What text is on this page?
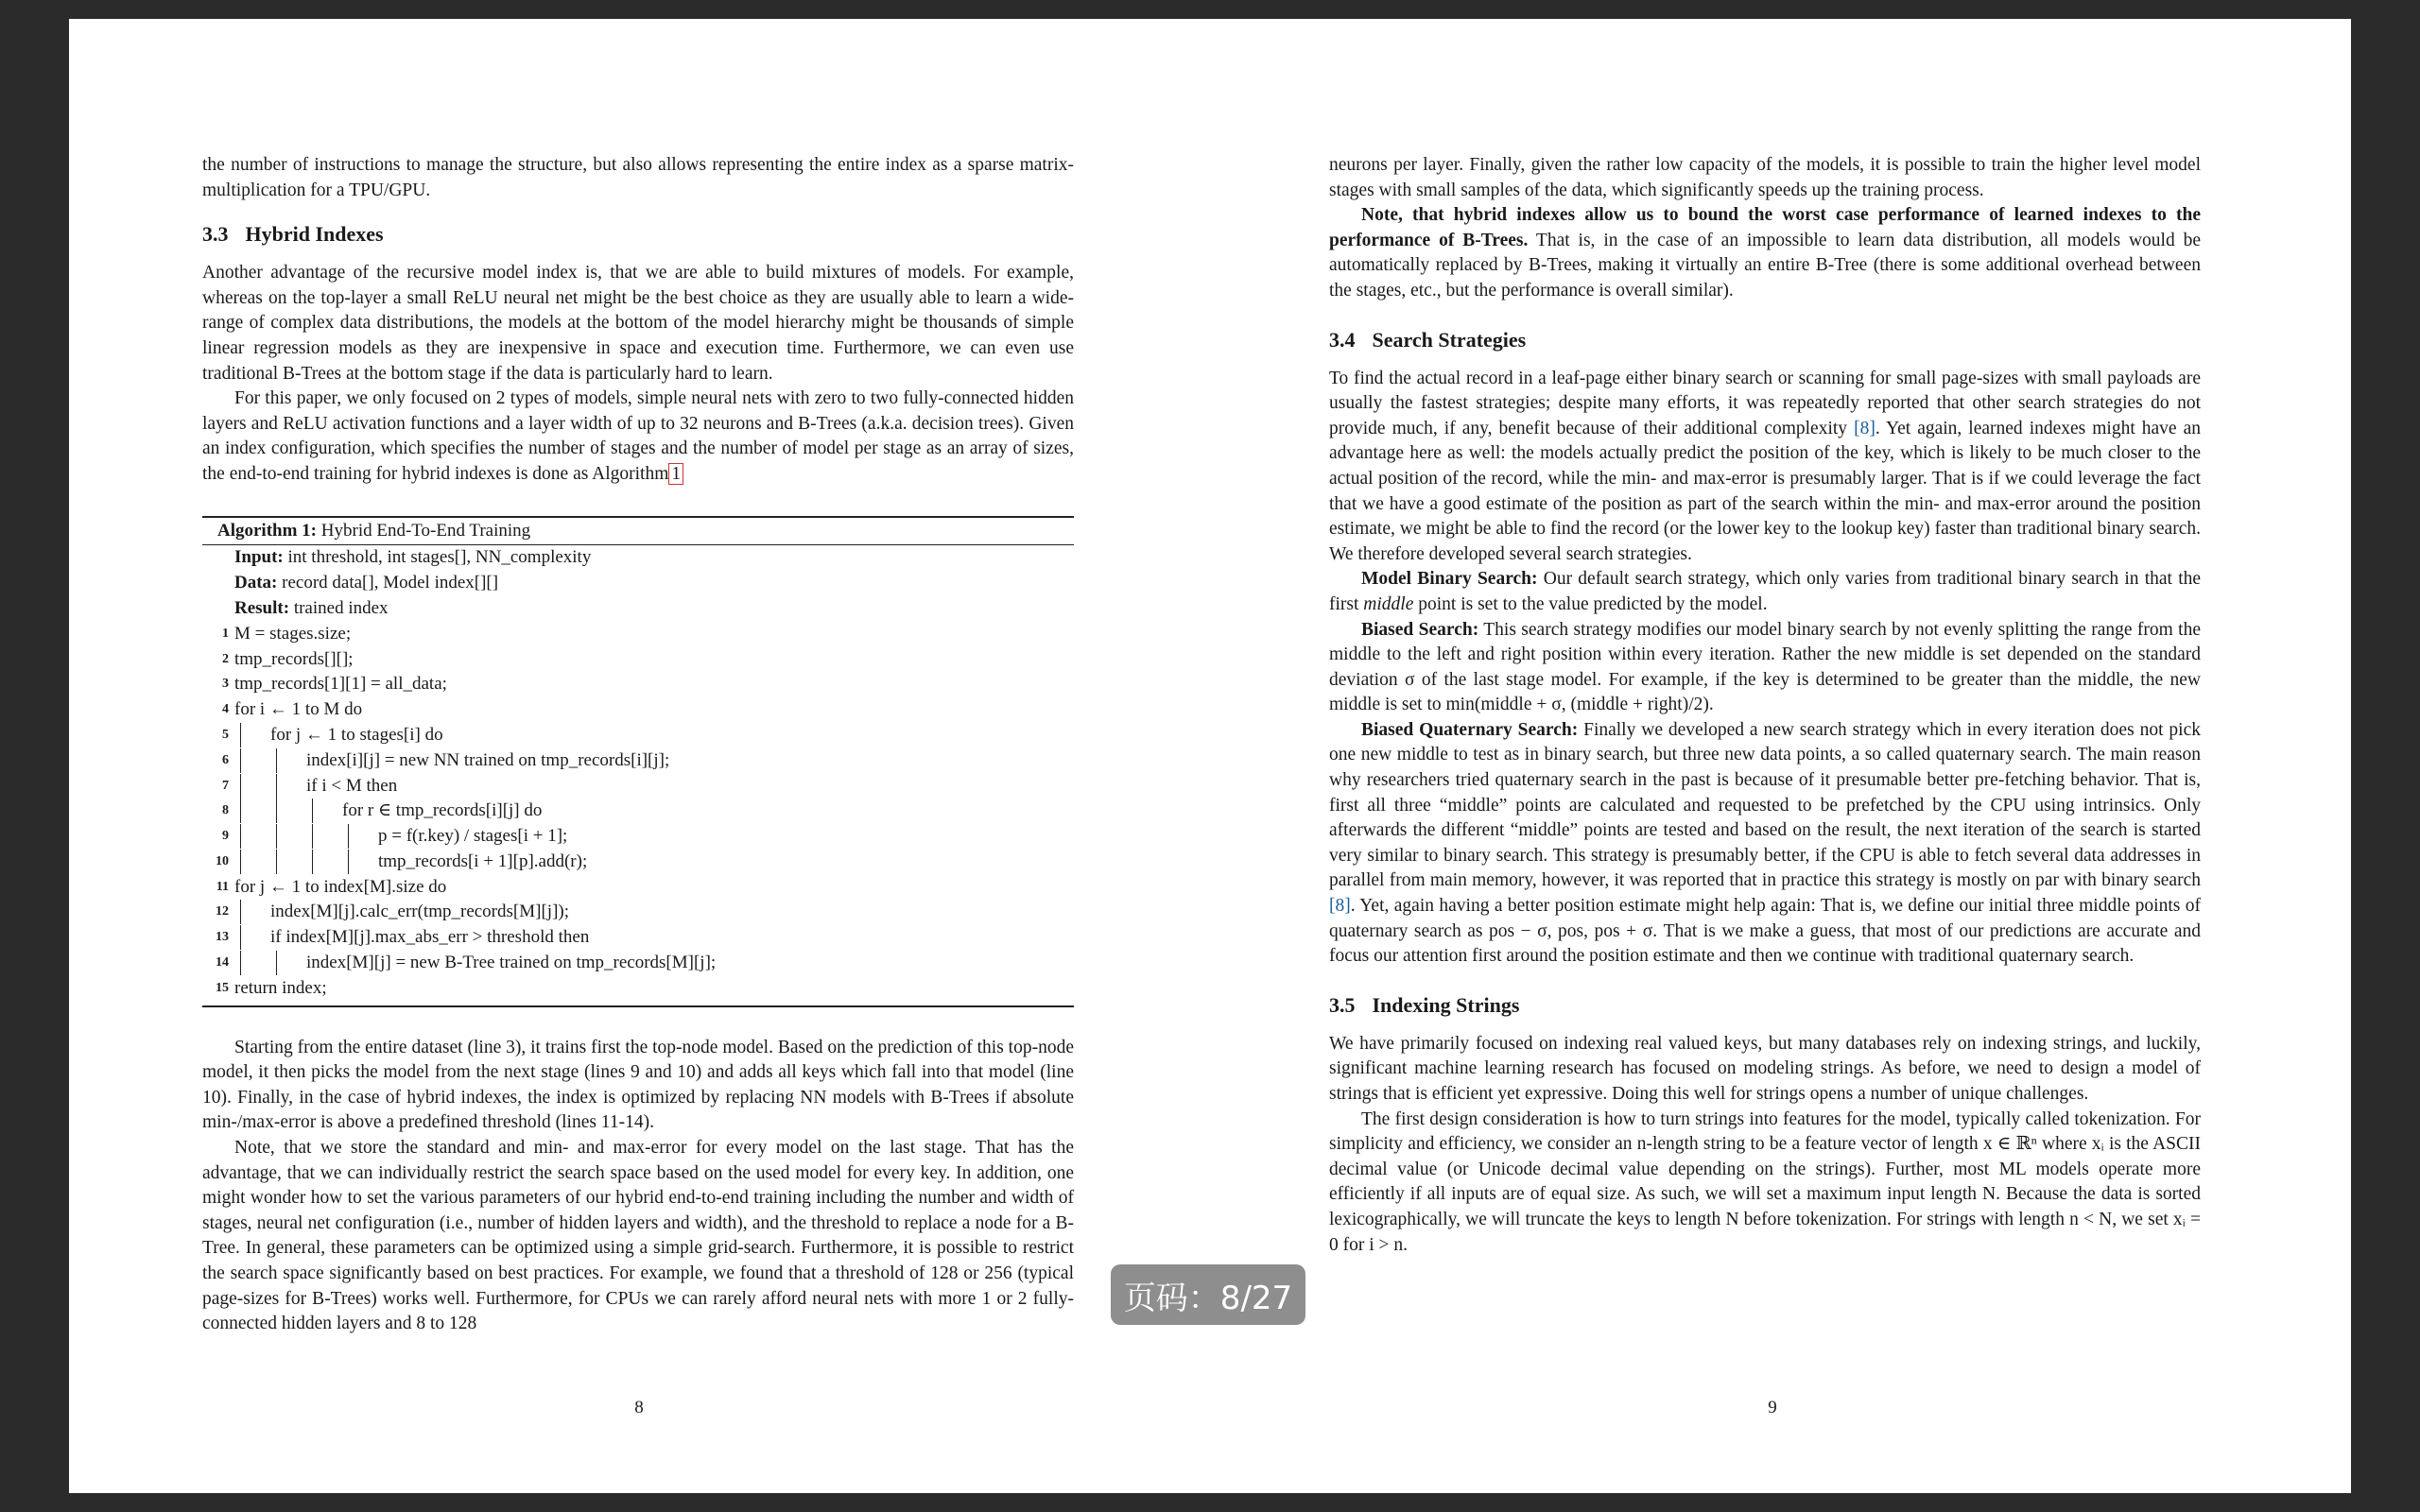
the number of instructions to manage the structure, but also allows representing the entire index as a sparse matrix-multiplication for a TPU/GPU.

3.3 Hybrid Indexes

Another advantage of the recursive model index is, that we are able to build mixtures of models. For example, whereas on the top-layer a small ReLU neural net might be the best choice as they are usually able to learn a wide-range of complex data distributions, the models at the bottom of the model hierarchy might be thousands of simple linear regression models as they are inexpensive in space and execution time. Furthermore, we can even use traditional B-Trees at the bottom stage if the data is particularly hard to learn.

For this paper, we only focused on 2 types of models, simple neural nets with zero to two fully-connected hidden layers and ReLU activation functions and a layer width of up to 32 neurons and B-Trees (a.k.a. decision trees). Given an index configuration, which specifies the number of stages and the number of model per stage as an array of sizes, the end-to-end training for hybrid indexes is done as Algorithm 1

Algorithm 1: Hybrid End-To-End Training
Input: int threshold, int stages[], NN_complexity
Data: record data[], Model index[][]
Result: trained index
1 M = stages.size;
2 tmp_records[][];
3 tmp_records[1][1] = all_data;
4 for i ← 1 to M do
5 for j ← 1 to stages[i] do
6	index[i][j] = new NN trained on tmp_records[i][j];
7	if i < M then
8	for r ∈ tmp_records[i][j] do
9	p = f(r.key) / stages[i + 1];
10	tmp_records[i + 1][p].add(r);
11 for j ← 1 to index[M].size do
12 index[M][j].calc_err(tmp_records[M][j]);
13 if index[M][j].max_abs_err > threshold then
14	index[M][j] = new B-Tree trained on tmp_records[M][j];
15 return index;

Starting from the entire dataset (line 3), it trains first the top-node model. Based on the prediction of this top-node model, it then picks the model from the next stage (lines 9 and 10) and adds all keys which fall into that model (line 10). Finally, in the case of hybrid indexes, the index is optimized by replacing NN models with B-Trees if absolute min-/max-error is above a predefined threshold (lines 11-14).

Note, that we store the standard and min- and max-error for every model on the last stage. That has the advantage, that we can individually restrict the search space based on the used model for every key. In addition, one might wonder how to set the various parameters of our hybrid end-to-end training including the number and width of stages, neural net configuration (i.e., number of hidden layers and width), and the threshold to replace a node for a B-Tree. In general, these parameters can be optimized using a simple grid-search. Furthermore, it is possible to restrict the search space significantly based on best practices. For example, we found that a threshold of 128 or 256 (typical page-sizes for B-Trees) works well. Furthermore, for CPUs we can rarely afford neural nets with more 1 or 2 fully-connected hidden layers and 8 to 128

8

neurons per layer. Finally, given the rather low capacity of the models, it is possible to train the higher level model stages with small samples of the data, which significantly speeds up the training process.

Note, that hybrid indexes allow us to bound the worst case performance of learned indexes to the performance of B-Trees. That is, in the case of an impossible to learn data distribution, all models would be automatically replaced by B-Trees, making it virtually an entire B-Tree (there is some additional overhead between the stages, etc., but the performance is overall similar).

3.4 Search Strategies

To find the actual record in a leaf-page either binary search or scanning for small page-sizes with small payloads are usually the fastest strategies; despite many efforts, it was repeatedly reported that other search strategies do not provide much, if any, benefit because of their additional complexity [8]. Yet again, learned indexes might have an advantage here as well: the models actually predict the position of the key, which is likely to be much closer to the actual position of the record, while the min- and max-error is presumably larger. That is if we could leverage the fact that we have a good estimate of the position as part of the search within the min- and max-error around the position estimate, we might be able to find the record (or the lower key to the lookup key) faster than traditional binary search. We therefore developed several search strategies.

Model Binary Search: Our default search strategy, which only varies from traditional binary search in that the first middle point is set to the value predicted by the model.

Biased Search: This search strategy modifies our model binary search by not evenly splitting the range from the middle to the left and right position within every iteration. Rather the new middle is set depended on the standard deviation σ of the last stage model. For example, if the key is determined to be greater than the middle, the new middle is set to min(middle + σ, (middle + right)/2).

Biased Quaternary Search: Finally we developed a new search strategy which in every iteration does not pick one new middle to test as in binary search, but three new data points, a so called quaternary search. The main reason why researchers tried quaternary search in the past is because of it presumable better pre-fetching behavior. That is, first all three “middle” points are calculated and requested to be prefetched by the CPU using intrinsics. Only afterwards the different “middle” points are tested and based on the result, the next iteration of the search is started very similar to binary search. This strategy is presumably better, if the CPU is able to fetch several data addresses in parallel from main memory, however, it was reported that in practice this strategy is mostly on par with binary search [8]. Yet, again having a better position estimate might help again: That is, we define our initial three middle points of quaternary search as pos − σ, pos, pos + σ. That is we make a guess, that most of our predictions are accurate and focus our attention first around the position estimate and then we continue with traditional quaternary search.

3.5 Indexing Strings

We have primarily focused on indexing real valued keys, but many databases rely on indexing strings, and luckily, significant machine learning research has focused on modeling strings. As before, we need to design a model of strings that is efficient yet expressive. Doing this well for strings opens a number of unique challenges.

The first design consideration is how to turn strings into features for the model, typically called tokenization. For simplicity and efficiency, we consider an n-length string to be a feature vector of length x ∈ ℝⁿ where xᵢ is the ASCII decimal value (or Unicode decimal value depending on the strings). Further, most ML models operate more efficiently if all inputs are of equal size. As such, we will set a maximum input length N. Because the data is sorted lexicographically, we will truncate the keys to length N before tokenization. For strings with length n < N, we set xᵢ = 0 for i > n.

9
页码：8/27
